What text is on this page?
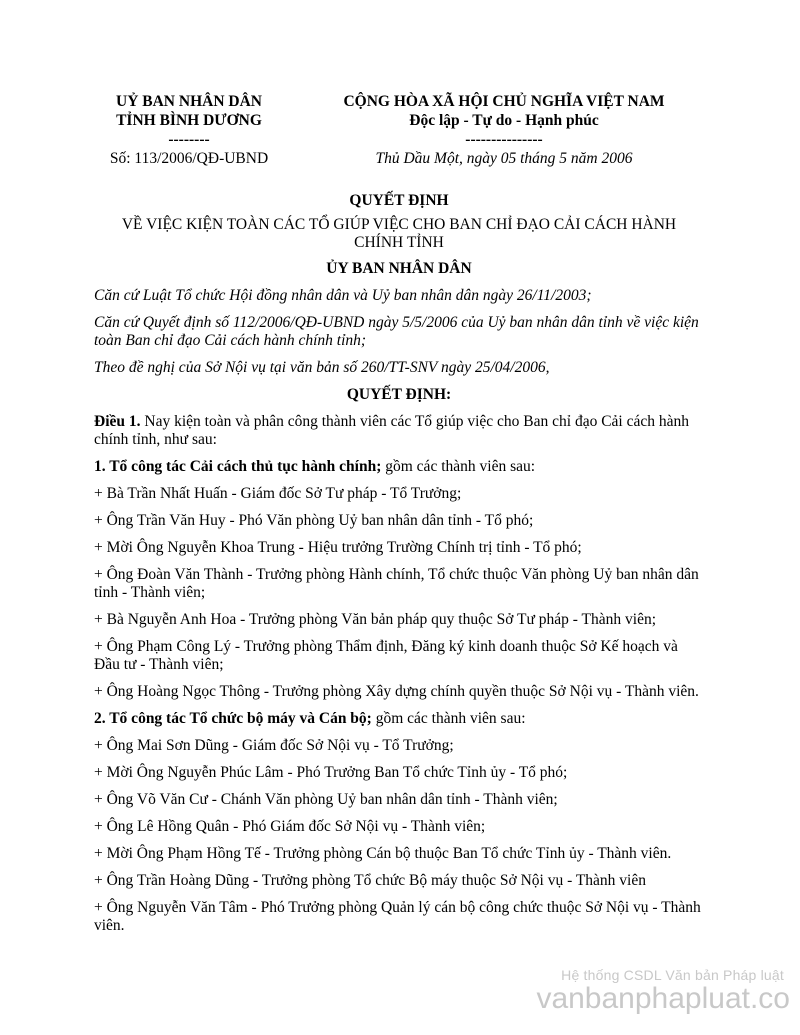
UỶ BAN NHÂN DÂN
TỈNH BÌNH DƯƠNG
--------
Số: 113/2006/QĐ-UBND
CỘNG HÒA XÃ HỘI CHỦ NGHĨA VIỆT NAM
Độc lập - Tự do - Hạnh phúc
---------------
Thủ Dầu Một, ngày 05 tháng 5 năm 2006
QUYẾT ĐỊNH
VỀ VIỆC KIỆN TOÀN CÁC TỔ GIÚP VIỆC CHO BAN CHỈ ĐẠO CẢI CÁCH HÀNH CHÍNH TỈNH
ỦY BAN NHÂN DÂN

Căn cứ Luật Tổ chức Hội đồng nhân dân và Uỷ ban nhân dân ngày 26/11/2003;

Căn cứ Quyết định số 112/2006/QĐ-UBND ngày 5/5/2006 của Uỷ ban nhân dân tỉnh về việc kiện toàn Ban chỉ đạo Cải cách hành chính tỉnh;

Theo đề nghị của Sở Nội vụ tại văn bản số 260/TT-SNV ngày 25/04/2006,

QUYẾT ĐỊNH:

Điều 1. Nay kiện toàn và phân công thành viên các Tổ giúp việc cho Ban chỉ đạo Cải cách hành chính tỉnh, như sau:

1. Tổ công tác Cải cách thủ tục hành chính; gồm các thành viên sau:

+ Bà Trần Nhất Huấn - Giám đốc Sở Tư pháp - Tổ Trưởng;

+ Ông Trần Văn Huy - Phó Văn phòng Uỷ ban nhân dân tỉnh - Tổ phó;

+ Mời Ông Nguyễn Khoa Trung - Hiệu trưởng Trường Chính trị tỉnh - Tổ phó;

+ Ông Đoàn Văn Thành - Trưởng phòng Hành chính, Tổ chức thuộc Văn phòng Uỷ ban nhân dân tỉnh - Thành viên;

+ Bà Nguyễn Anh Hoa - Trưởng phòng Văn bản pháp quy thuộc Sở Tư pháp - Thành viên;

+ Ông Phạm Công Lý - Trưởng phòng Thẩm định, Đăng ký kinh doanh thuộc Sở Kế hoạch và Đầu tư - Thành viên;

+ Ông Hoàng Ngọc Thông - Trưởng phòng Xây dựng chính quyền thuộc Sở Nội vụ - Thành viên.

2. Tổ công tác Tổ chức bộ máy và Cán bộ; gồm các thành viên sau:

+ Ông Mai Sơn Dũng - Giám đốc Sở Nội vụ - Tổ Trưởng;

+ Mời Ông Nguyễn Phúc Lâm - Phó Trưởng Ban Tổ chức Tỉnh ủy - Tổ phó;

+ Ông Võ Văn Cư - Chánh Văn phòng Uỷ ban nhân dân tỉnh - Thành viên;

+ Ông Lê Hồng Quân - Phó Giám đốc Sở Nội vụ - Thành viên;

+ Mời Ông Phạm Hồng Tế - Trưởng phòng Cán bộ thuộc Ban Tổ chức Tỉnh ủy - Thành viên.

+ Ông Trần Hoàng Dũng - Trưởng phòng Tổ chức Bộ máy thuộc Sở Nội vụ - Thành viên

+ Ông Nguyễn Văn Tâm - Phó Trưởng phòng Quản lý cán bộ công chức thuộc Sở Nội vụ - Thành viên.

Hệ thống CSDL Văn bản Pháp luật
vanbanphapluat.co
